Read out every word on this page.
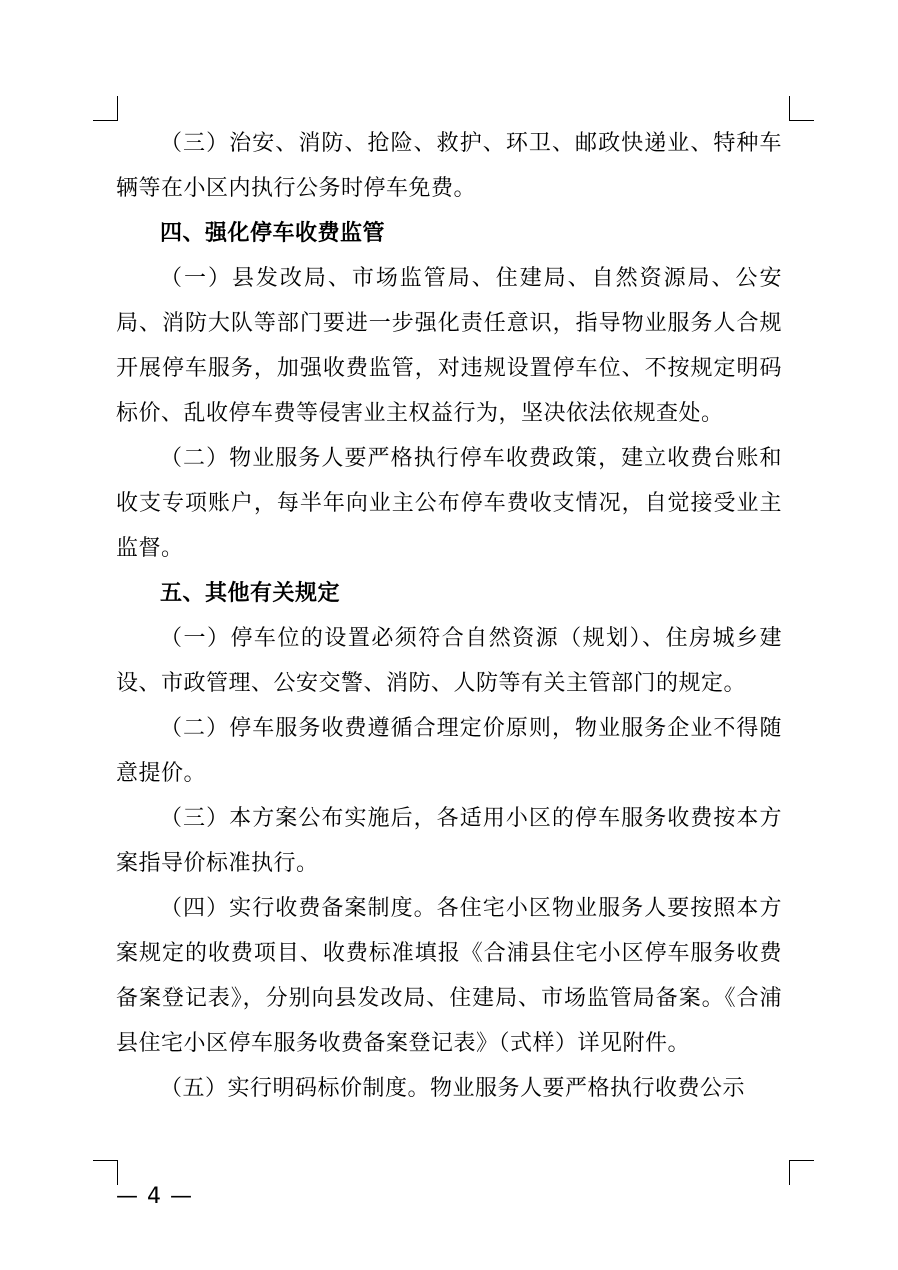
（三）治安、消防、抢险、救护、环卫、邮政快递业、特种车辆等在小区内执行公务时停车免费。

四、强化停车收费监管

（一）县发改局、市场监管局、住建局、自然资源局、公安局、消防大队等部门要进一步强化责任意识，指导物业服务人合规开展停车服务，加强收费监管，对违规设置停车位、不按规定明码标价、乱收停车费等侵害业主权益行为，坚决依法依规查处。

（二）物业服务人要严格执行停车收费政策，建立收费台账和收支专项账户，每半年向业主公布停车费收支情况，自觉接受业主监督。

五、其他有关规定

（一）停车位的设置必须符合自然资源（规划）、住房城乡建设、市政管理、公安交警、消防、人防等有关主管部门的规定。

（二）停车服务收费遵循合理定价原则，物业服务企业不得随意提价。

（三）本方案公布实施后，各适用小区的停车服务收费按本方案指导价标准执行。

（四）实行收费备案制度。各住宅小区物业服务人要按照本方案规定的收费项目、收费标准填报《合浦县住宅小区停车服务收费备案登记表》，分别向县发改局、住建局、市场监管局备案。《合浦县住宅小区停车服务收费备案登记表》（式样）详见附件。

（五）实行明码标价制度。物业服务人要严格执行收费公示

— 4 —
